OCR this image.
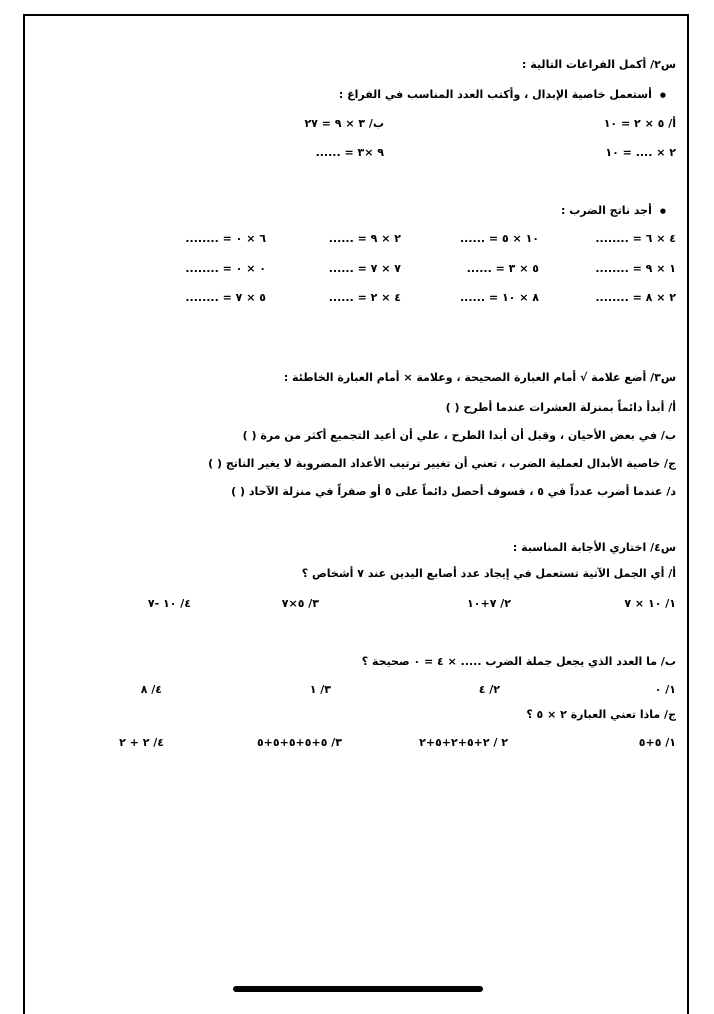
س٢/ أكمل الفراغات التالية :
● أستعمل خاصية الإبدال ، وأكتب العدد المناسب في الفراغ :
أ/ ٥ × ٢ = ١٠
ب/ ٣ × ٩ = ٢٧
٢ × .... = ١٠
٩ ×٣ = ......
● أجد ناتج الضرب :
٤ × ٦ = ........
١٠ × ٥ = ......
٢ × ٩ = ......
٦ × ٠ = ........
١ × ٩ = ........
٥ × ٣ = ......
٧ × ٧ = ......
٠ × ٠ = ........
٢ × ٨ = ........
٨ × ١٠ = ......
٤ × ٢ = ......
٥ × ٧ = ........
س٣/ أضع علامة √ أمام العبارة الصحيحة ، وعلامة × أمام العبارة الخاطئة :
أ/ أبدأ دائماً بمنزلة العشرات عندما أطرح ( )
ب/ في بعض الأحيان ، وقبل أن أبدا الطرح ، علي أن أعيد التجميع أكثر من مرة ( )
ج/ خاصية الأبدال لعملية الضرب ، تعني أن تغيير ترتيب الأعداد المضروبة لا يغير الناتج ( )
د/ عندما أضرب عدداً في ٥ ، فسوف أحصل دائماً على ٥ أو صفراً في منزلة الآحاد ( )
س٤/ اختاري الأجابة المناسبة :
أ/ أي الجمل الآتية تستعمل في إيجاد عدد أصابع اليدين عند ٧ أشخاص ؟
١/ ١٠ × ٧
٢/ ٧+١٠
٣/ ٥×٧
٤/ ١٠ -٧
ب/ ما العدد الذي يجعل جملة الضرب ..... × ٤ = ٠ صحيحة ؟
١/ ٠
٢/ ٤
٣/ ١
٤/ ٨
ج/ ماذا تعني العبارة ٢ × ٥ ؟
١/ ٥+٥
٢ / ٢+٥+٢+٥+٢
٣/ ٥+٥+٥+٥+٥
٤/ ٢ + ٢
